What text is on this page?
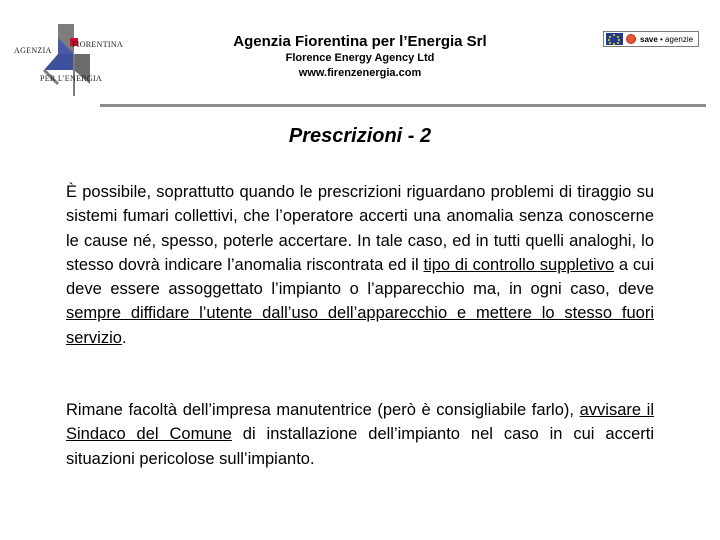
AGENZIA
FIORENTINA
PER L'ENERGIA

Agenzia Fiorentina per l’Energia Srl

Florence Energy Agency Ltd

www.firenzenergia.com

save • agenzie
Prescrizioni - 2

È possibile, soprattutto quando le prescrizioni riguardano problemi di tiraggio su sistemi fumari collettivi, che l’operatore accerti una anomalia senza conoscerne le cause né, spesso, poterle accertare. In tale caso, ed in tutti quelli analoghi, lo stesso dovrà indicare l’anomalia riscontrata ed il tipo di controllo suppletivo a cui deve essere assoggettato l’impianto o l’apparecchio ma, in ogni caso, deve sempre diffidare l’utente dall’uso dell’apparecchio e mettere lo stesso fuori servizio.

Rimane facoltà dell’impresa manutentrice (però è consigliabile farlo), avvisare il Sindaco del Comune di installazione dell’impianto nel caso in cui accerti situazioni pericolose sull’impianto.
